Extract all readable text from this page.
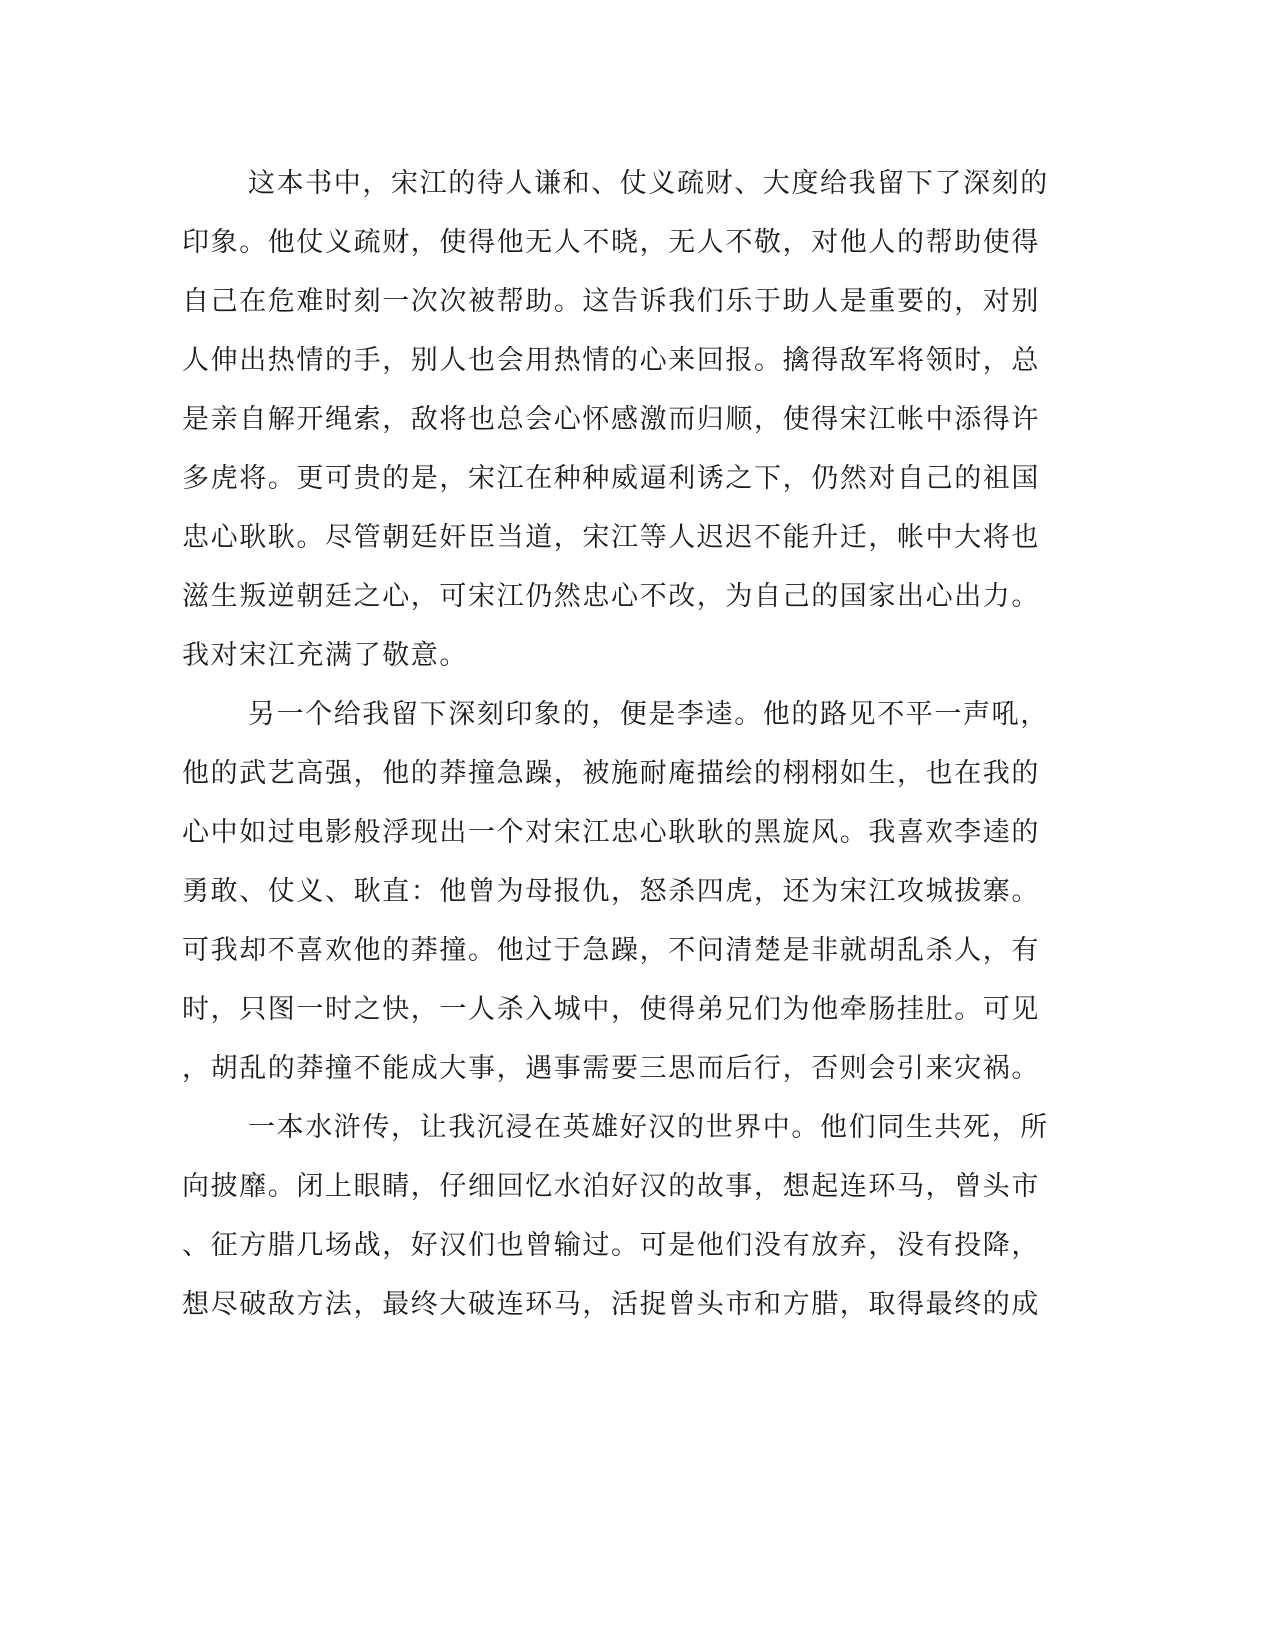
这本书中，宋江的待人谦和、仗义疏财、大度给我留下了深刻的
印象。他仗义疏财，使得他无人不晓，无人不敬，对他人的帮助使得
自己在危难时刻一次次被帮助。这告诉我们乐于助人是重要的，对别
人伸出热情的手，别人也会用热情的心来回报。擒得敌军将领时，总
是亲自解开绳索，敌将也总会心怀感激而归顺，使得宋江帐中添得许
多虎将。更可贵的是，宋江在种种威逼利诱之下，仍然对自己的祖国
忠心耿耿。尽管朝廷奸臣当道，宋江等人迟迟不能升迁，帐中大将也
滋生叛逆朝廷之心，可宋江仍然忠心不改，为自己的国家出心出力。
我对宋江充满了敬意。
另一个给我留下深刻印象的，便是李逵。他的路见不平一声吼，
他的武艺高强，他的莽撞急躁，被施耐庵描绘的栩栩如生，也在我的
心中如过电影般浮现出一个对宋江忠心耿耿的黑旋风。我喜欢李逵的
勇敢、仗义、耿直：他曾为母报仇，怒杀四虎，还为宋江攻城拔寨。
可我却不喜欢他的莽撞。他过于急躁，不问清楚是非就胡乱杀人，有
时，只图一时之快，一人杀入城中，使得弟兄们为他牵肠挂肚。可见
，胡乱的莽撞不能成大事，遇事需要三思而后行，否则会引来灾祸。
一本水浒传，让我沉浸在英雄好汉的世界中。他们同生共死，所
向披靡。闭上眼睛，仔细回忆水泊好汉的故事，想起连环马，曾头市
、征方腊几场战，好汉们也曾输过。可是他们没有放弃，没有投降，
想尽破敌方法，最终大破连环马，活捉曾头市和方腊，取得最终的成
